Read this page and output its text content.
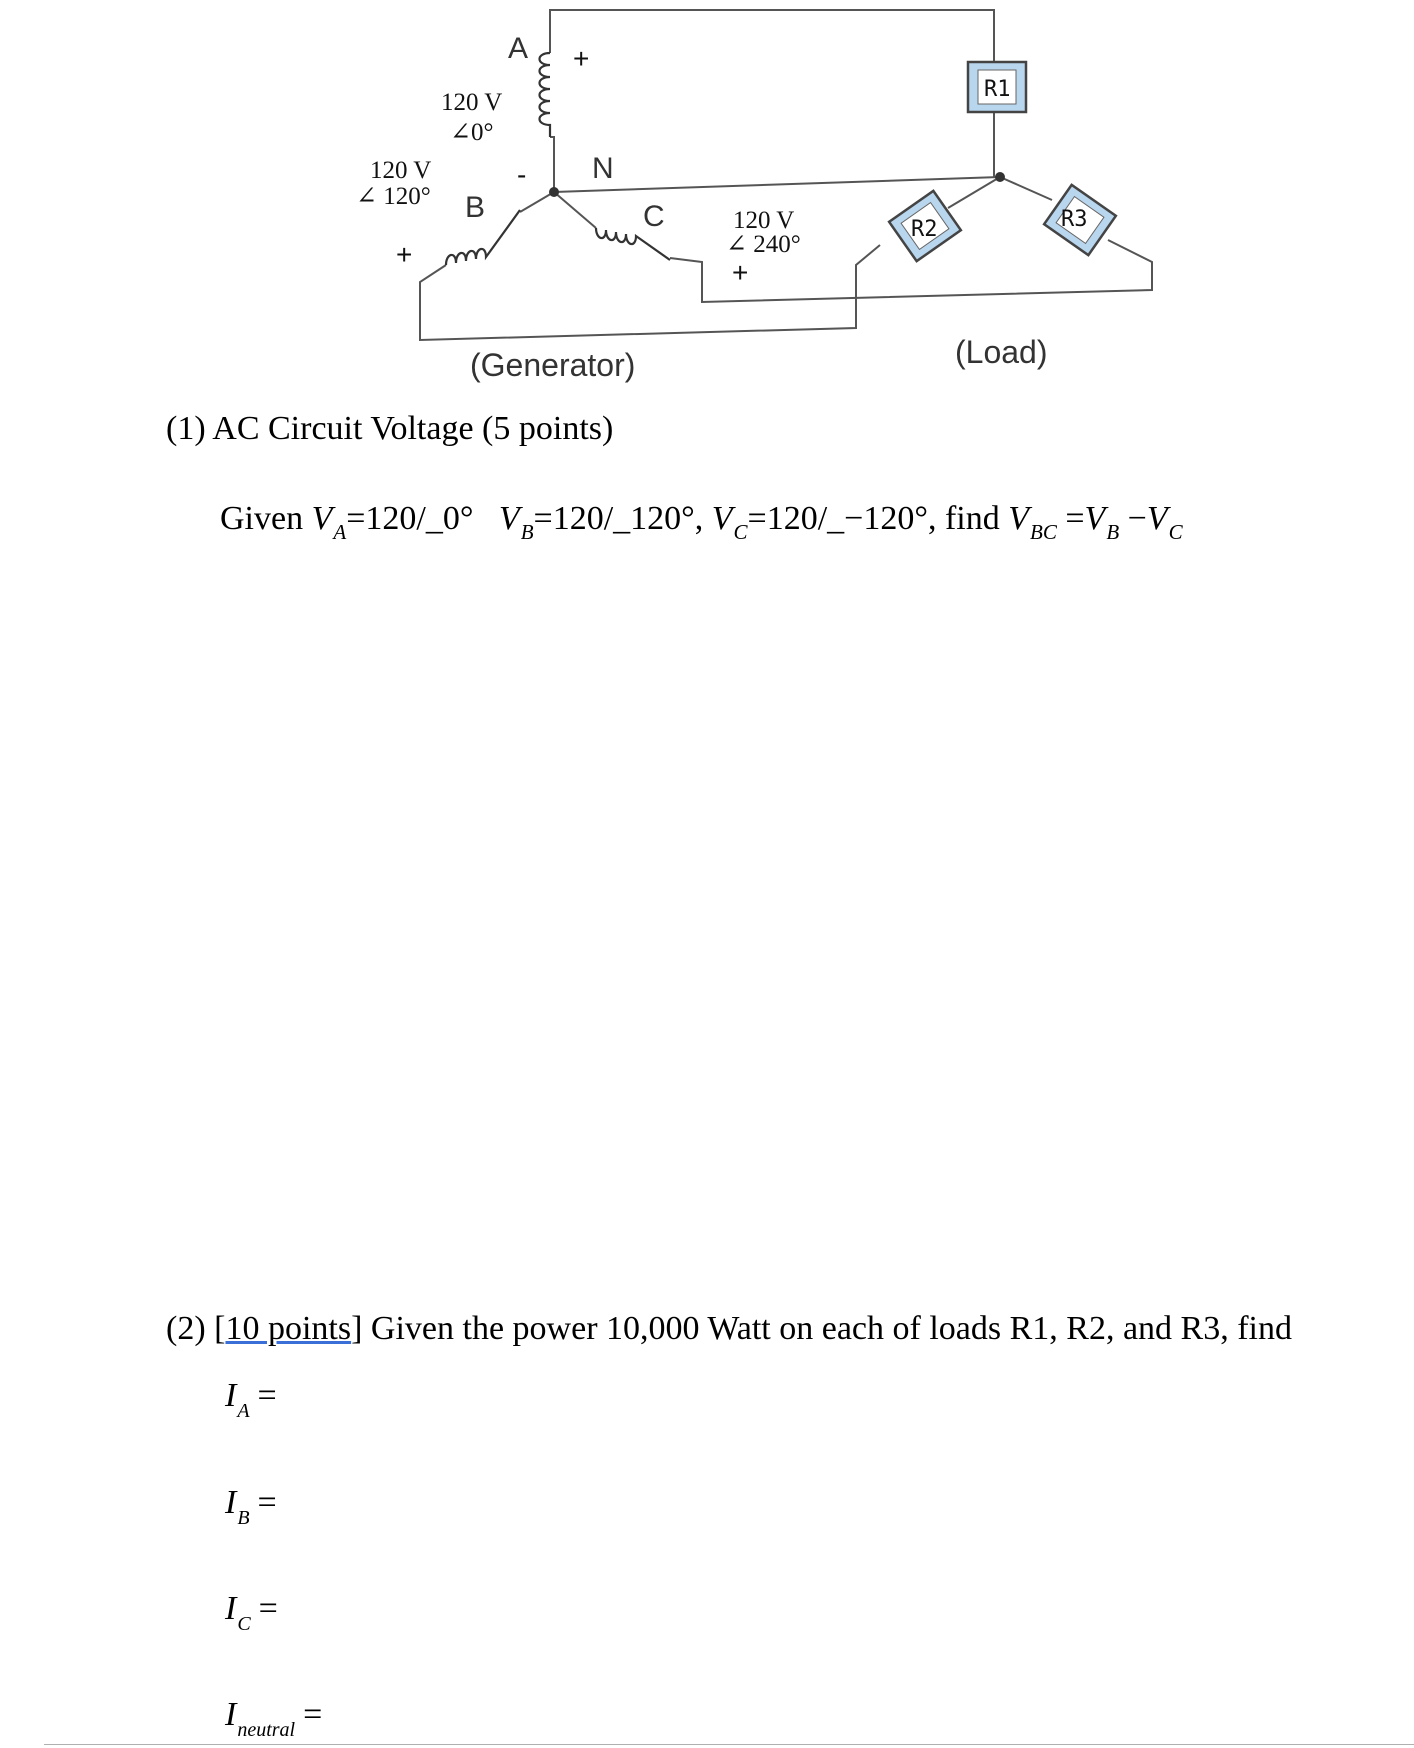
A +
120 V
∠0°
120 V
∠ 120° B
-
+
N
C	120 V
∠ 240°
+
R1
R2	R3
(Generator)	(Load)
(1) AC Circuit Voltage (5 points)
Given $V_A=120/\_0^\circ$ $V_B=120/\_120^\circ$, $V_C=120/\_-120^\circ$, find $V_{BC} =V_B -V_C$
(2) [10 points] Given the power 10,000 Watt on each of loads R1, R2, and R3, find
$I_A$ =
$I_B$ =
$I_C$ =
$I_{neutral}$ =
